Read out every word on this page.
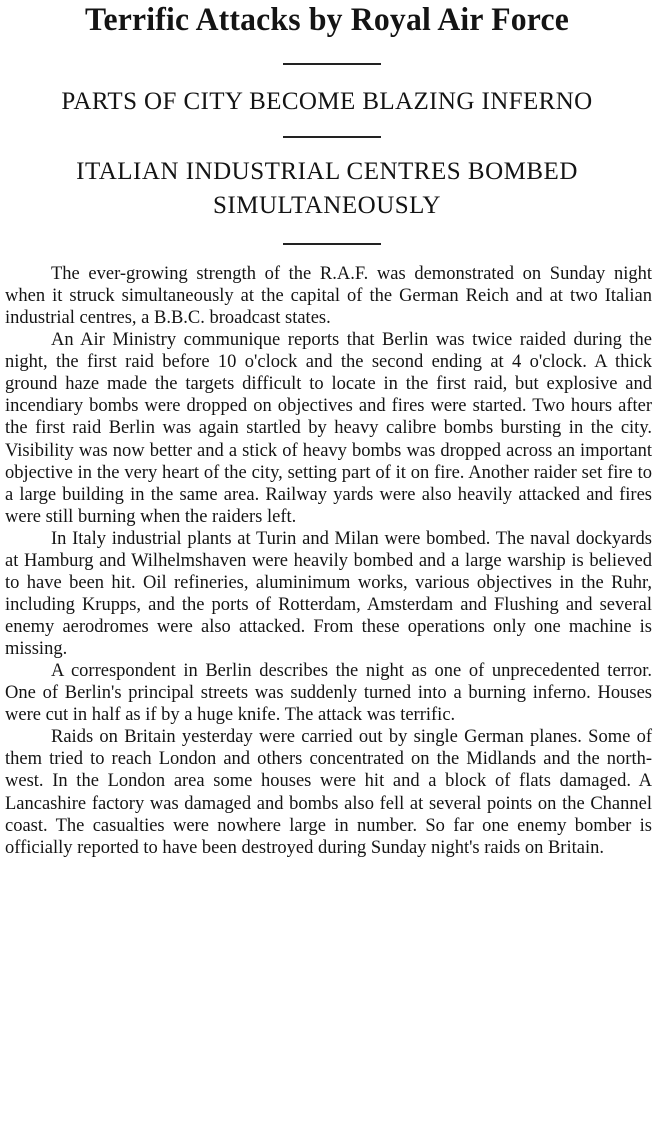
Terrific Attacks by Royal Air Force
PARTS OF CITY BECOME BLAZING INFERNO
ITALIAN INDUSTRIAL CENTRES BOMBED SIMULTANEOUSLY

The ever-growing strength of the R.A.F. was demonstrated on Sunday night when it struck simultaneously at the capital of the German Reich and at two Italian industrial centres, a B.B.C. broadcast states.

An Air Ministry communique reports that Berlin was twice raided during the night, the first raid before 10 o'clock and the second ending at 4 o'clock. A thick ground haze made the targets difficult to locate in the first raid, but explosive and incendiary bombs were dropped on objectives and fires were started. Two hours after the first raid Berlin was again startled by heavy calibre bombs bursting in the city. Visibility was now better and a stick of heavy bombs was dropped across an important objective in the very heart of the city, setting part of it on fire. Another raider set fire to a large building in the same area. Railway yards were also heavily attacked and fires were still burning when the raiders left.

In Italy industrial plants at Turin and Milan were bombed. The naval dockyards at Hamburg and Wilhelmshaven were heavily bombed and a large warship is believed to have been hit. Oil refineries, aluminimum works, various objectives in the Ruhr, including Krupps, and the ports of Rotterdam, Amsterdam and Flushing and several enemy aerodromes were also attacked. From these operations only one machine is missing.

A correspondent in Berlin describes the night as one of unprecedented terror. One of Berlin's principal streets was suddenly turned into a burning inferno. Houses were cut in half as if by a huge knife. The attack was terrific.

Raids on Britain yesterday were carried out by single German planes. Some of them tried to reach London and others concentrated on the Midlands and the north-west. In the London area some houses were hit and a block of flats damaged. A Lancashire factory was damaged and bombs also fell at several points on the Channel coast. The casualties were nowhere large in number. So far one enemy bomber is officially reported to have been destroyed during Sunday night's raids on Britain.
